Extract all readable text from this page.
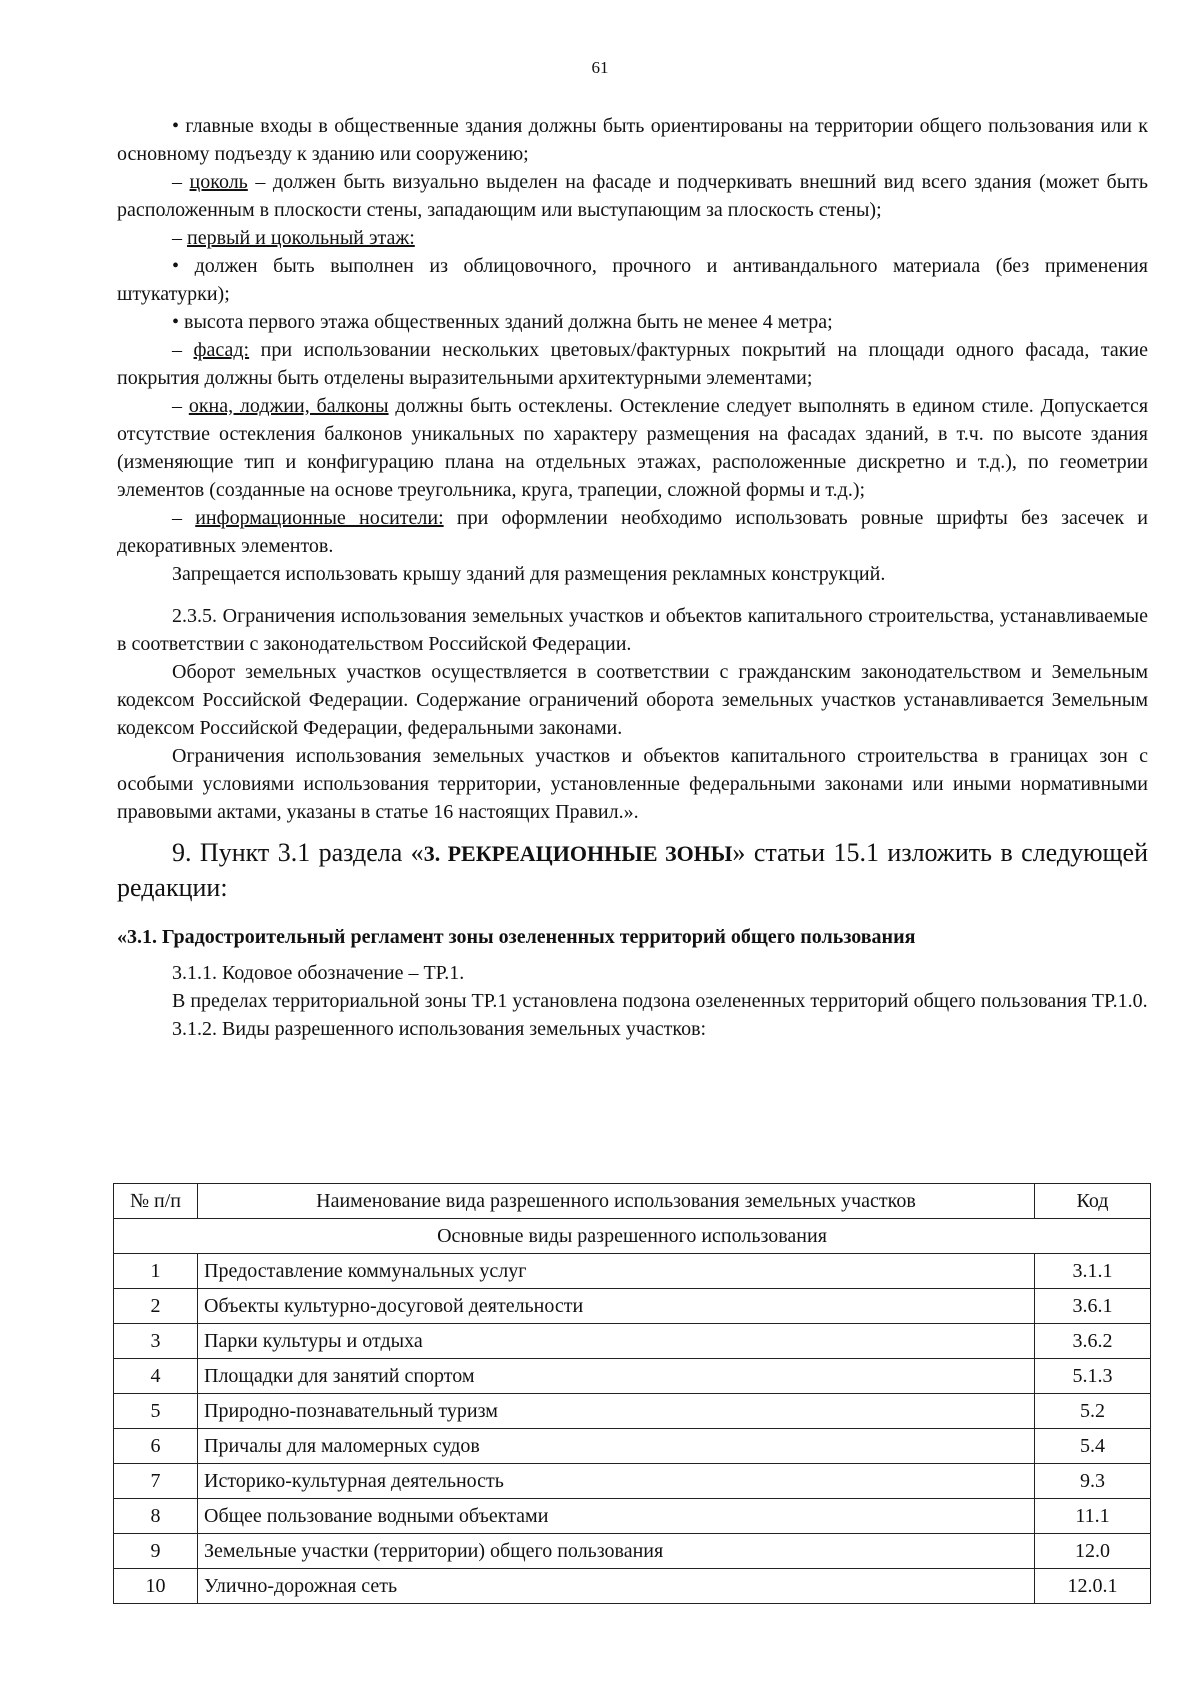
61

• главные входы в общественные здания должны быть ориентированы на территории общего пользования или к основному подъезду к зданию или сооружению;

– цоколь – должен быть визуально выделен на фасаде и подчеркивать внешний вид всего здания (может быть расположенным в плоскости стены, западающим или выступающим за плоскость стены);

– первый и цокольный этаж:

• должен быть выполнен из облицовочного, прочного и антивандального материала (без применения штукатурки);

• высота первого этажа общественных зданий должна быть не менее 4 метра;

– фасад: при использовании нескольких цветовых/фактурных покрытий на площади одного фасада, такие покрытия должны быть отделены выразительными архитектурными элементами;

– окна, лоджии, балконы должны быть остеклены. Остекление следует выполнять в едином стиле. Допускается отсутствие остекления балконов уникальных по характеру размещения на фасадах зданий, в т.ч. по высоте здания (изменяющие тип и конфигурацию плана на отдельных этажах, расположенные дискретно и т.д.), по геометрии элементов (созданные на основе треугольника, круга, трапеции, сложной формы и т.д.);

– информационные носители: при оформлении необходимо использовать ровные шрифты без засечек и декоративных элементов.

Запрещается использовать крышу зданий для размещения рекламных конструкций.

2.3.5. Ограничения использования земельных участков и объектов капитального строительства, устанавливаемые в соответствии с законодательством Российской Федерации.

Оборот земельных участков осуществляется в соответствии с гражданским законодательством и Земельным кодексом Российской Федерации. Содержание ограничений оборота земельных участков устанавливается Земельным кодексом Российской Федерации, федеральными законами.

Ограничения использования земельных участков и объектов капитального строительства в границах зон с особыми условиями использования территории, установленные федеральными законами или иными нормативными правовыми актами, указаны в статье 16 настоящих Правил.».

9. Пункт 3.1 раздела «3. РЕКРЕАЦИОННЫЕ ЗОНЫ» статьи 15.1 изложить в следующей редакции:

«3.1. Градостроительный регламент зоны озелененных территорий общего пользования

3.1.1. Кодовое обозначение – ТР.1.

В пределах территориальной зоны ТР.1 установлена подзона озелененных территорий общего пользования ТР.1.0.

3.1.2. Виды разрешенного использования земельных участков:

№ п/п	Наименование вида разрешенного использования земельных участков	Код
Основные виды разрешенного использования		
1	Предоставление коммунальных услуг	3.1.1
2	Объекты культурно-досуговой деятельности	3.6.1
3	Парки культуры и отдыха	3.6.2
4	Площадки для занятий спортом	5.1.3
5	Природно-познавательный туризм	5.2
6	Причалы для маломерных судов	5.4
7	Историко-культурная деятельность	9.3
8	Общее пользование водными объектами	11.1
9	Земельные участки (территории) общего пользования	12.0
10	Улично-дорожная сеть	12.0.1
